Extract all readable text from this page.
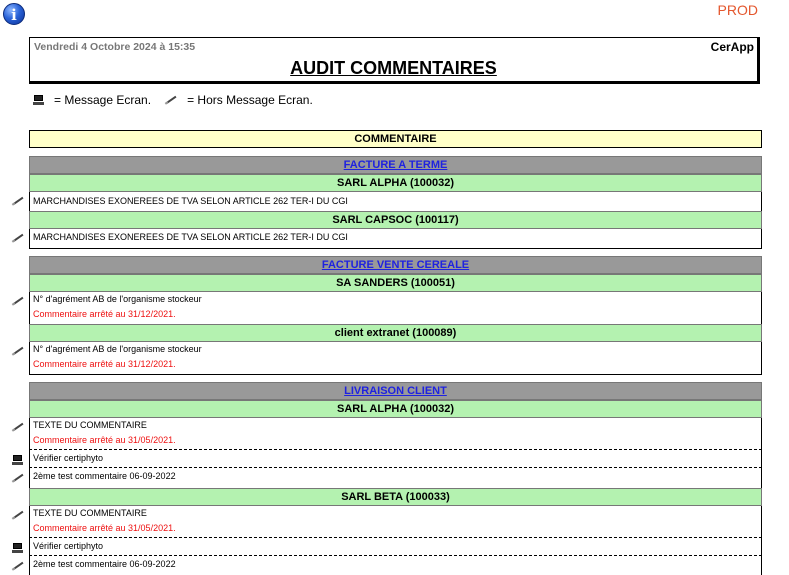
i	PROD
Vendredi 4 Octobre 2024 à 15:35	CerApp
AUDIT COMMENTAIRES
= Message Ecran.	= Hors Message Ecran.
COMMENTAIRE
FACTURE A TERME
SARL ALPHA (100032)
MARCHANDISES EXONEREES DE TVA SELON ARTICLE 262 TER-I DU CGI
SARL CAPSOC (100117)
MARCHANDISES EXONEREES DE TVA SELON ARTICLE 262 TER-I DU CGI
FACTURE VENTE CEREALE
SA SANDERS (100051)
N° d'agrément AB de l'organisme stockeur
Commentaire arrêté au 31/12/2021.
client extranet (100089)
N° d'agrément AB de l'organisme stockeur
Commentaire arrêté au 31/12/2021.
LIVRAISON CLIENT
SARL ALPHA (100032)
TEXTE DU COMMENTAIRE
Commentaire arrêté au 31/05/2021.
Vérifier certiphyto
2ème test commentaire 06-09-2022
SARL BETA (100033)
TEXTE DU COMMENTAIRE
Commentaire arrêté au 31/05/2021.
Vérifier certiphyto
2ème test commentaire 06-09-2022
